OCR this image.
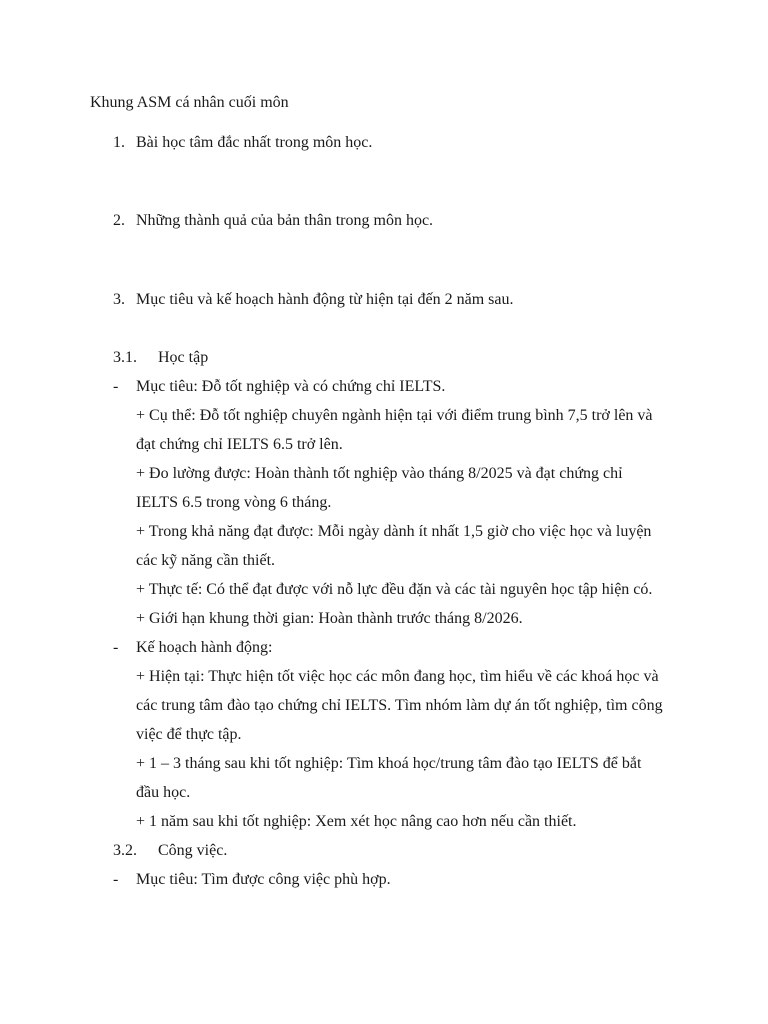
Khung ASM cá nhân cuối môn
1. Bài học tâm đắc nhất trong môn học.
2. Những thành quả của bản thân trong môn học.
3. Mục tiêu và kế hoạch hành động từ hiện tại đến 2 năm sau.
3.1. Học tập
- Mục tiêu: Đỗ tốt nghiệp và có chứng chỉ IELTS.
+ Cụ thể: Đỗ tốt nghiệp chuyên ngành hiện tại với điểm trung bình 7,5 trở lên và
đạt chứng chỉ IELTS 6.5 trở lên.
+ Đo lường được: Hoàn thành tốt nghiệp vào tháng 8/2025 và đạt chứng chỉ
IELTS 6.5 trong vòng 6 tháng.
+ Trong khả năng đạt được: Mỗi ngày dành ít nhất 1,5 giờ cho việc học và luyện
các kỹ năng cần thiết.
+ Thực tế: Có thể đạt được với nỗ lực đều đặn và các tài nguyên học tập hiện có.
+ Giới hạn khung thời gian: Hoàn thành trước tháng 8/2026.
- Kế hoạch hành động:
+ Hiện tại: Thực hiện tốt việc học các môn đang học, tìm hiểu về các khoá học và
các trung tâm đào tạo chứng chỉ IELTS. Tìm nhóm làm dự án tốt nghiệp, tìm công
việc để thực tập.
+ 1 – 3 tháng sau khi tốt nghiệp: Tìm khoá học/trung tâm đào tạo IELTS để bắt
đầu học.
+ 1 năm sau khi tốt nghiệp: Xem xét học nâng cao hơn nếu cần thiết.
3.2. Công việc.
- Mục tiêu: Tìm được công việc phù hợp.
